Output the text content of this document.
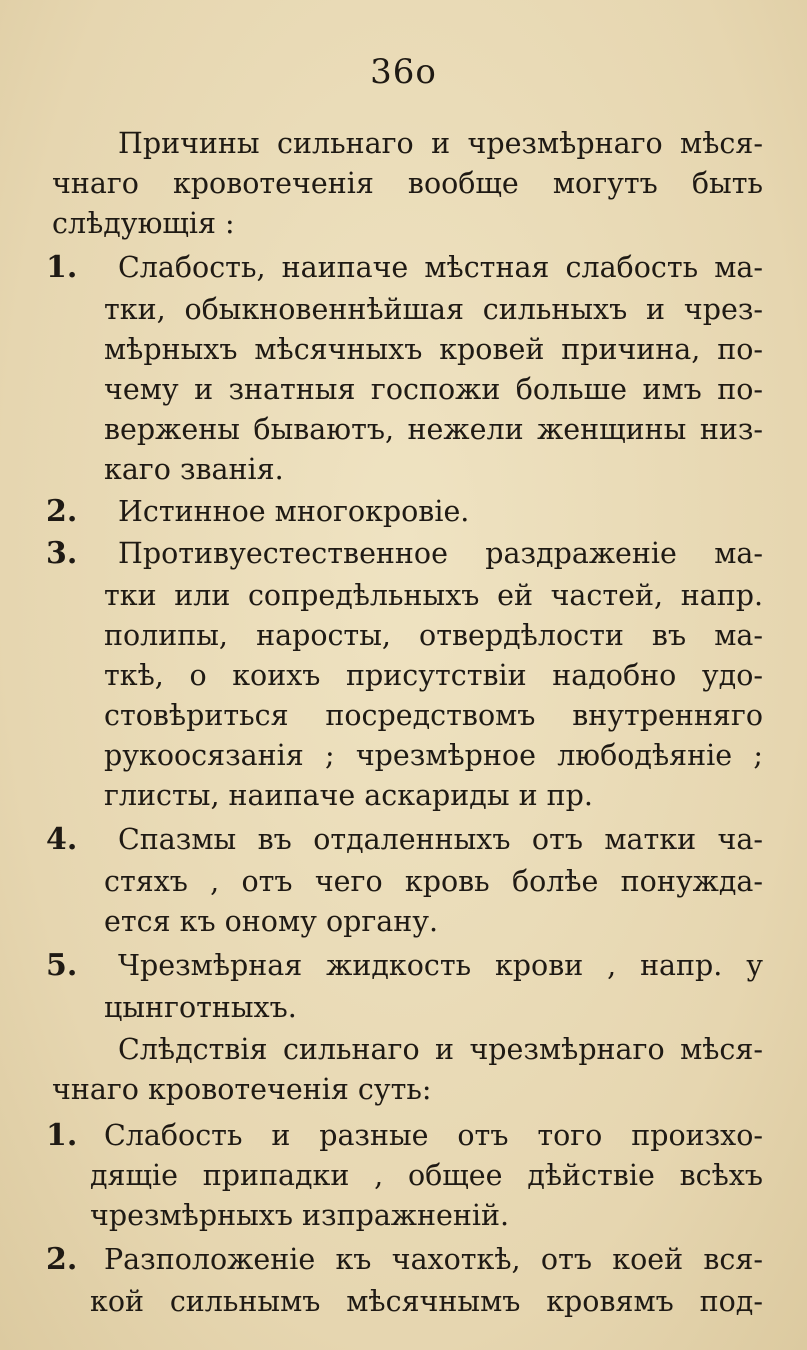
36o
Причины сильнаго и чрезмѣрнаго мѣся-
чнаго кровотеченія вообще могутъ быть
слѣдующія :
1. Слабость, наипаче мѣстная слабость ма-
тки, обыкновеннѣйшая сильныхъ и чрез-
мѣрныхъ мѣсячныхъ кровей причина, по-
чему и знатныя госпожи больше имъ по-
вержены бываютъ, нежели женщины низ-
каго званія.
2. Истинное многокровіе.
3. Противуестественное раздраженіе ма-
тки или сопредѣльныхъ ей частей, напр.
полипы, наросты, отвердѣлости въ ма-
ткѣ, о коихъ присутствіи надобно удо-
стовѣриться посредствомъ внутренняго
рукоосязанія ; чрезмѣрное любодѣяніе ;
глисты, наипаче аскариды и пр.
4. Спазмы въ отдаленныхъ отъ матки ча-
стяхъ , отъ чего кровь болѣе понужда-
ется къ оному органу.
5. Чрезмѣрная жидкость крови , напр. у
цынготныхъ.
Слѣдствія сильнаго и чрезмѣрнаго мѣся-
чнаго кровотеченія суть:
1. Слабость и разные отъ того произхо-
дящіе припадки , общее дѣйствіе всѣхъ
чрезмѣрныхъ изпражненій.
2. Разположеніе къ чахоткѣ, отъ коей вся-
кой сильнымъ мѣсячнымъ кровямъ под-
